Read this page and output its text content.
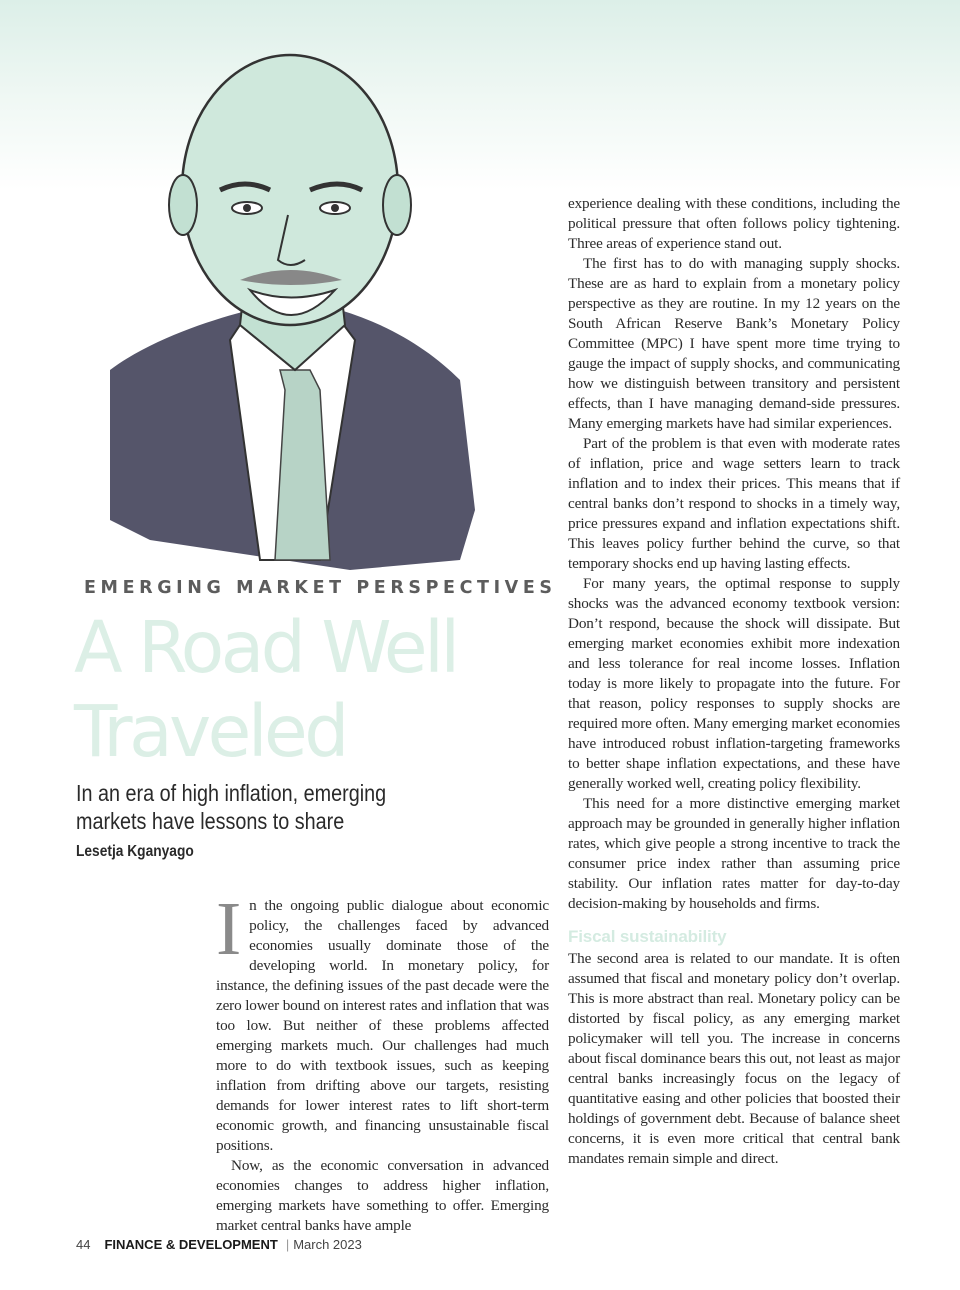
EMERGING MARKET PERSPECTIVES
A Road Well
Traveled
In an era of high inflation, emerging markets have lessons to share
Lesetja Kganyago

In the ongoing public dialogue about economic policy, the challenges faced by advanced economies usually dominate those of the developing world. In monetary policy, for instance, the defining issues of the past decade were the zero lower bound on interest rates and inflation that was too low. But neither of these problems affected emerging markets much. Our challenges had much more to do with textbook issues, such as keeping inflation from drifting above our targets, resisting demands for lower interest rates to lift short-term economic growth, and financing unsustainable fiscal positions.

Now, as the economic conversation in advanced economies changes to address higher inflation, emerging markets have something to offer. Emerging market central banks have ample

experience dealing with these conditions, including the political pressure that often follows policy tightening. Three areas of experience stand out.

The first has to do with managing supply shocks. These are as hard to explain from a monetary policy perspective as they are routine. In my 12 years on the South African Reserve Bank’s Monetary Policy Committee (MPC) I have spent more time trying to gauge the impact of supply shocks, and communicating how we distinguish between transitory and persistent effects, than I have managing demand-side pressures. Many emerging markets have had similar experiences.

Part of the problem is that even with moderate rates of inflation, price and wage setters learn to track inflation and to index their prices. This means that if central banks don’t respond to shocks in a timely way, price pressures expand and inflation expectations shift. This leaves policy further behind the curve, so that temporary shocks end up having lasting effects.

For many years, the optimal response to supply shocks was the advanced economy textbook version: Don’t respond, because the shock will dissipate. But emerging market economies exhibit more indexation and less tolerance for real income losses. Inflation today is more likely to propagate into the future. For that reason, policy responses to supply shocks are required more often. Many emerging market economies have introduced robust inflation-targeting frameworks to better shape inflation expectations, and these have generally worked well, creating policy flexibility.

This need for a more distinctive emerging market approach may be grounded in generally higher inflation rates, which give people a strong incentive to track the consumer price index rather than assuming price stability. Our inflation rates matter for day-to-day decision-making by households and firms.

Fiscal sustainability

The second area is related to our mandate. It is often assumed that fiscal and monetary policy don’t overlap. This is more abstract than real. Monetary policy can be distorted by fiscal policy, as any emerging market policymaker will tell you. The increase in concerns about fiscal dominance bears this out, not least as major central banks increasingly focus on the legacy of quantitative easing and other policies that boosted their holdings of government debt. Because of balance sheet concerns, it is even more critical that central bank mandates remain simple and direct.

44 FINANCE & DEVELOPMENT | March 2023
